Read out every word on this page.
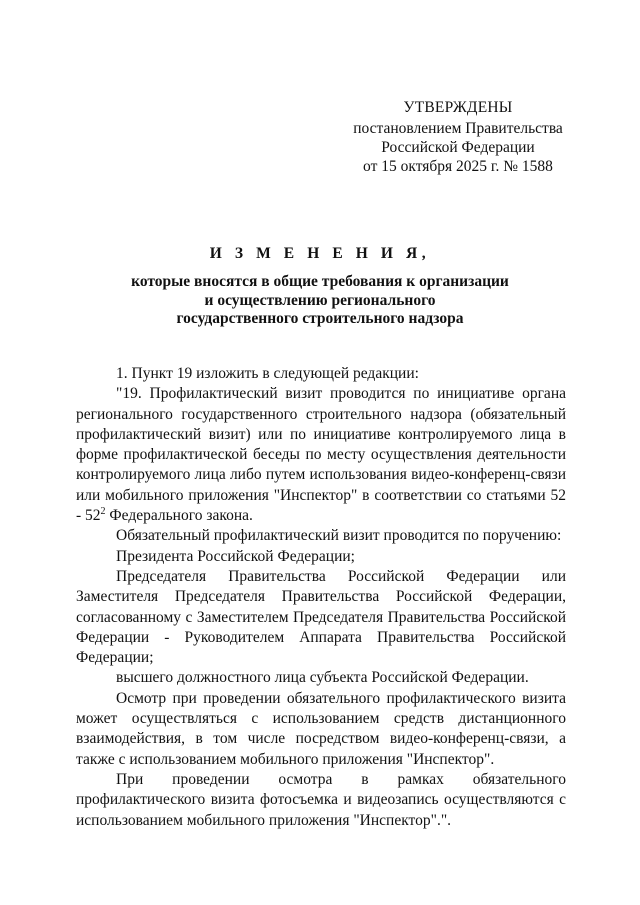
УТВЕРЖДЕНЫ
постановлением Правительства
Российской Федерации
от 15 октября 2025 г. № 1588
И З М Е Н Е Н И Я,
которые вносятся в общие требования к организации
и осуществлению регионального
государственного строительного надзора

1. Пункт 19 изложить в следующей редакции:

"19. Профилактический визит проводится по инициативе органа регионального государственного строительного надзора (обязательный профилактический визит) или по инициативе контролируемого лица в форме профилактической беседы по месту осуществления деятельности контролируемого лица либо путем использования видео-конференц-связи или мобильного приложения "Инспектор" в соответствии со статьями $52 - 52^2$ Федерального закона.

Обязательный профилактический визит проводится по поручению:

Президента Российской Федерации;

Председателя Правительства Российской Федерации или Заместителя Председателя Правительства Российской Федерации, согласованному с Заместителем Председателя Правительства Российской Федерации - Руководителем Аппарата Правительства Российской Федерации;

высшего должностного лица субъекта Российской Федерации.

Осмотр при проведении обязательного профилактического визита может осуществляться с использованием средств дистанционного взаимодействия, в том числе посредством видео-конференц-связи, а также с использованием мобильного приложения "Инспектор".

При проведении осмотра в рамках обязательного профилактического визита фотосъемка и видеозапись осуществляются с использованием мобильного приложения "Инспектор".".
